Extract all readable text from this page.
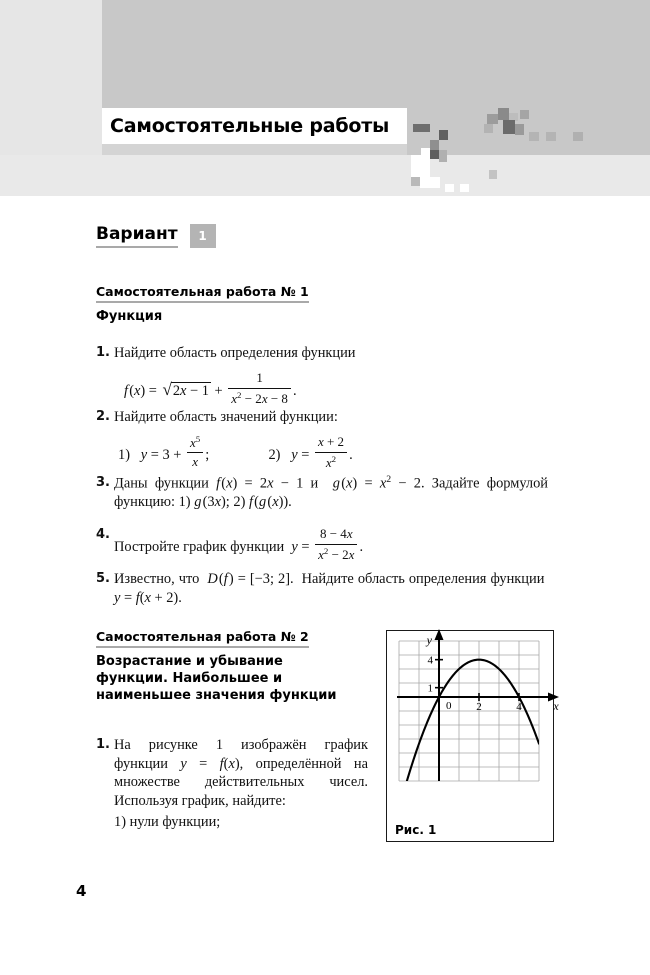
Самостоятельные работы
Вариант	1
Самостоятельная работа № 1
Функция
1. Найдите область определения функции
f $(x) = √2x - 1 + \frac{1}{x^2 - 2x - 8}$ .
2. Найдите область значений функции:
1) $y = 3 + \frac{x^5}{x}$ ;	2) $y = \frac{x + 2}{x^2}$ .
3. Даны функции f (x) = 2x − 1 и  g $(x) = x^2 - 2$. Задайте формулой функцию: 1) g (3x); 2) f (g (x)).
4.
Постройте график функции  $y = \frac{8 - 4x}{x^2 - 2x}$ .
5. Известно, что  D (f ) = [−3; 2].  Найдите область определения функции  y = f(x + 2).
Самостоятельная работа № 2
Возрастание и убывание функции. Наибольшее и наименьшее значения функции
1. На рисунке 1 изображён график функции y = f(x), определённой на множестве действительных чисел. Используя график, найдите:
1) нули функции;
y
x
0 2	4
1
4
Рис. 1
4
